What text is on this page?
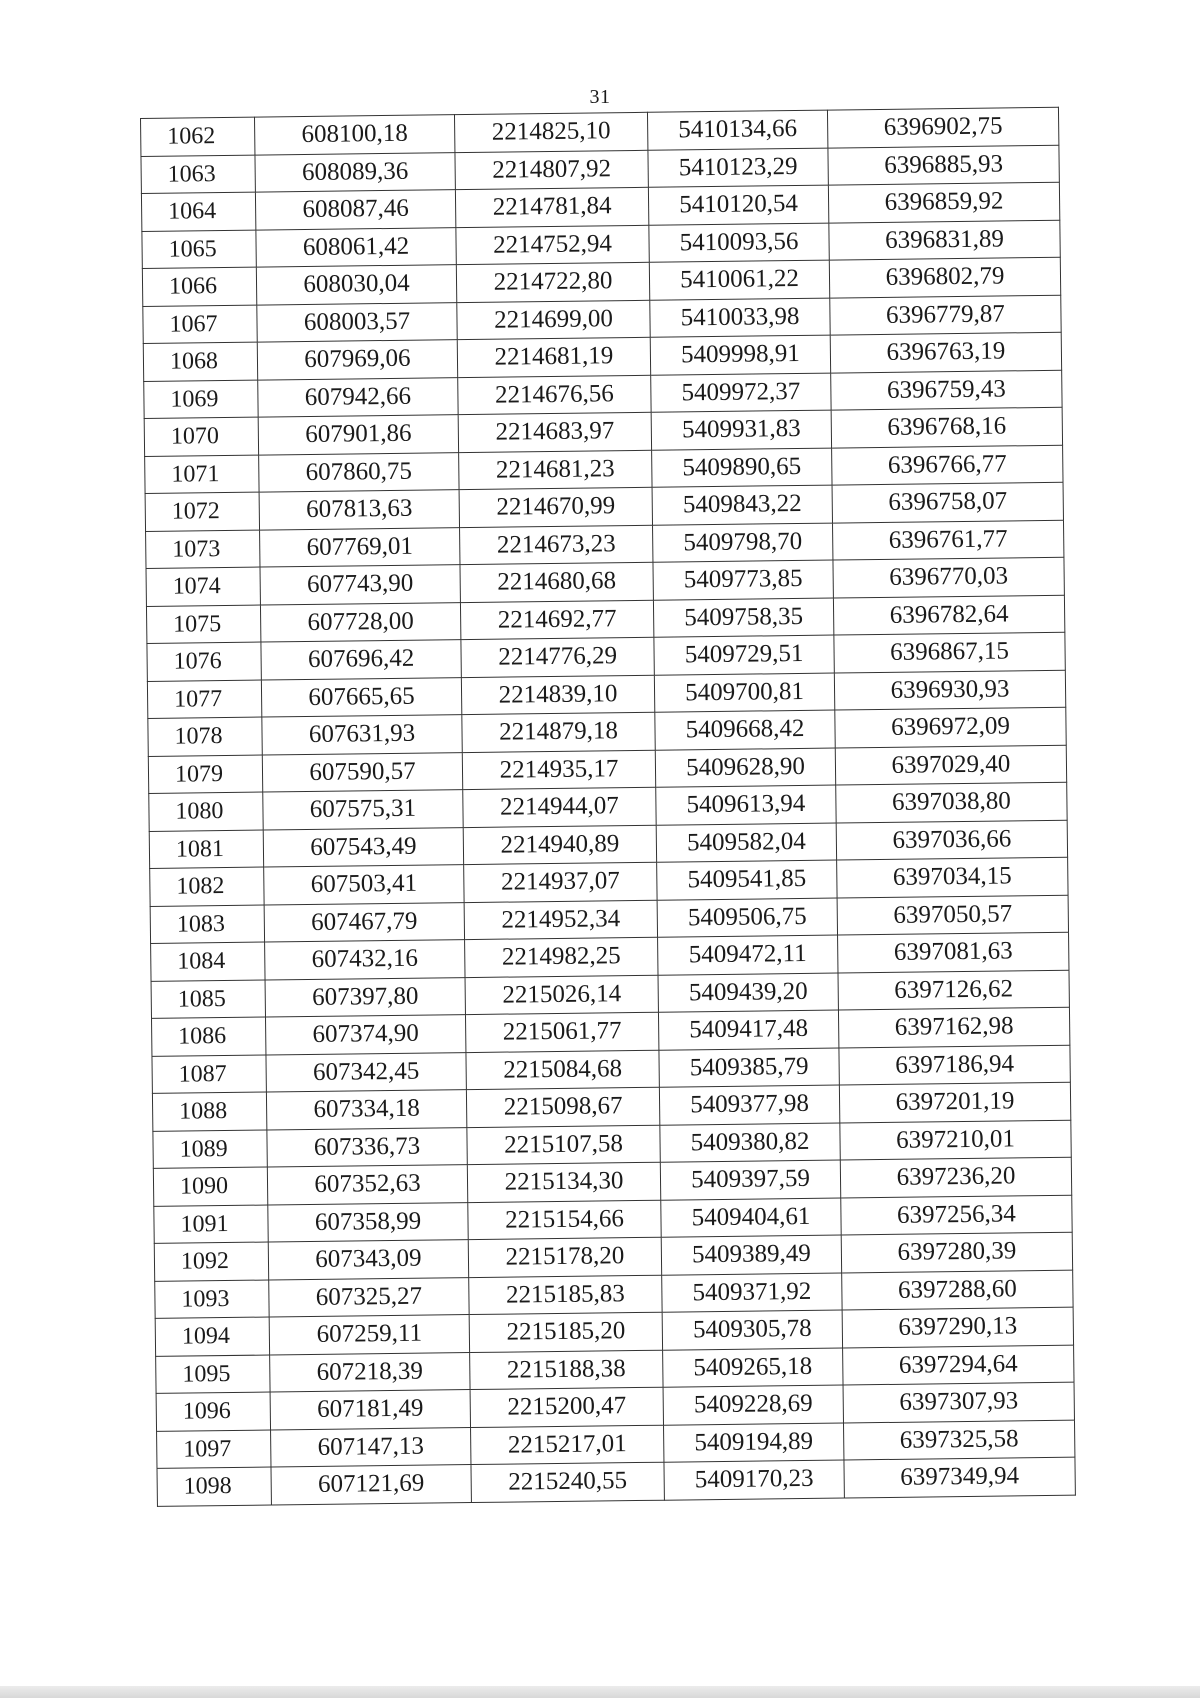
31
1062	608100,18	2214825,10	5410134,66	6396902,75
1063	608089,36	2214807,92	5410123,29	6396885,93
1064	608087,46	2214781,84	5410120,54	6396859,92
1065	608061,42	2214752,94	5410093,56	6396831,89
1066	608030,04	2214722,80	5410061,22	6396802,79
1067	608003,57	2214699,00	5410033,98	6396779,87
1068	607969,06	2214681,19	5409998,91	6396763,19
1069	607942,66	2214676,56	5409972,37	6396759,43
1070	607901,86	2214683,97	5409931,83	6396768,16
1071	607860,75	2214681,23	5409890,65	6396766,77
1072	607813,63	2214670,99	5409843,22	6396758,07
1073	607769,01	2214673,23	5409798,70	6396761,77
1074	607743,90	2214680,68	5409773,85	6396770,03
1075	607728,00	2214692,77	5409758,35	6396782,64
1076	607696,42	2214776,29	5409729,51	6396867,15
1077	607665,65	2214839,10	5409700,81	6396930,93
1078	607631,93	2214879,18	5409668,42	6396972,09
1079	607590,57	2214935,17	5409628,90	6397029,40
1080	607575,31	2214944,07	5409613,94	6397038,80
1081	607543,49	2214940,89	5409582,04	6397036,66
1082	607503,41	2214937,07	5409541,85	6397034,15
1083	607467,79	2214952,34	5409506,75	6397050,57
1084	607432,16	2214982,25	5409472,11	6397081,63
1085	607397,80	2215026,14	5409439,20	6397126,62
1086	607374,90	2215061,77	5409417,48	6397162,98
1087	607342,45	2215084,68	5409385,79	6397186,94
1088	607334,18	2215098,67	5409377,98	6397201,19
1089	607336,73	2215107,58	5409380,82	6397210,01
1090	607352,63	2215134,30	5409397,59	6397236,20
1091	607358,99	2215154,66	5409404,61	6397256,34
1092	607343,09	2215178,20	5409389,49	6397280,39
1093	607325,27	2215185,83	5409371,92	6397288,60
1094	607259,11	2215185,20	5409305,78	6397290,13
1095	607218,39	2215188,38	5409265,18	6397294,64
1096	607181,49	2215200,47	5409228,69	6397307,93
1097	607147,13	2215217,01	5409194,89	6397325,58
1098	607121,69	2215240,55	5409170,23	6397349,94
